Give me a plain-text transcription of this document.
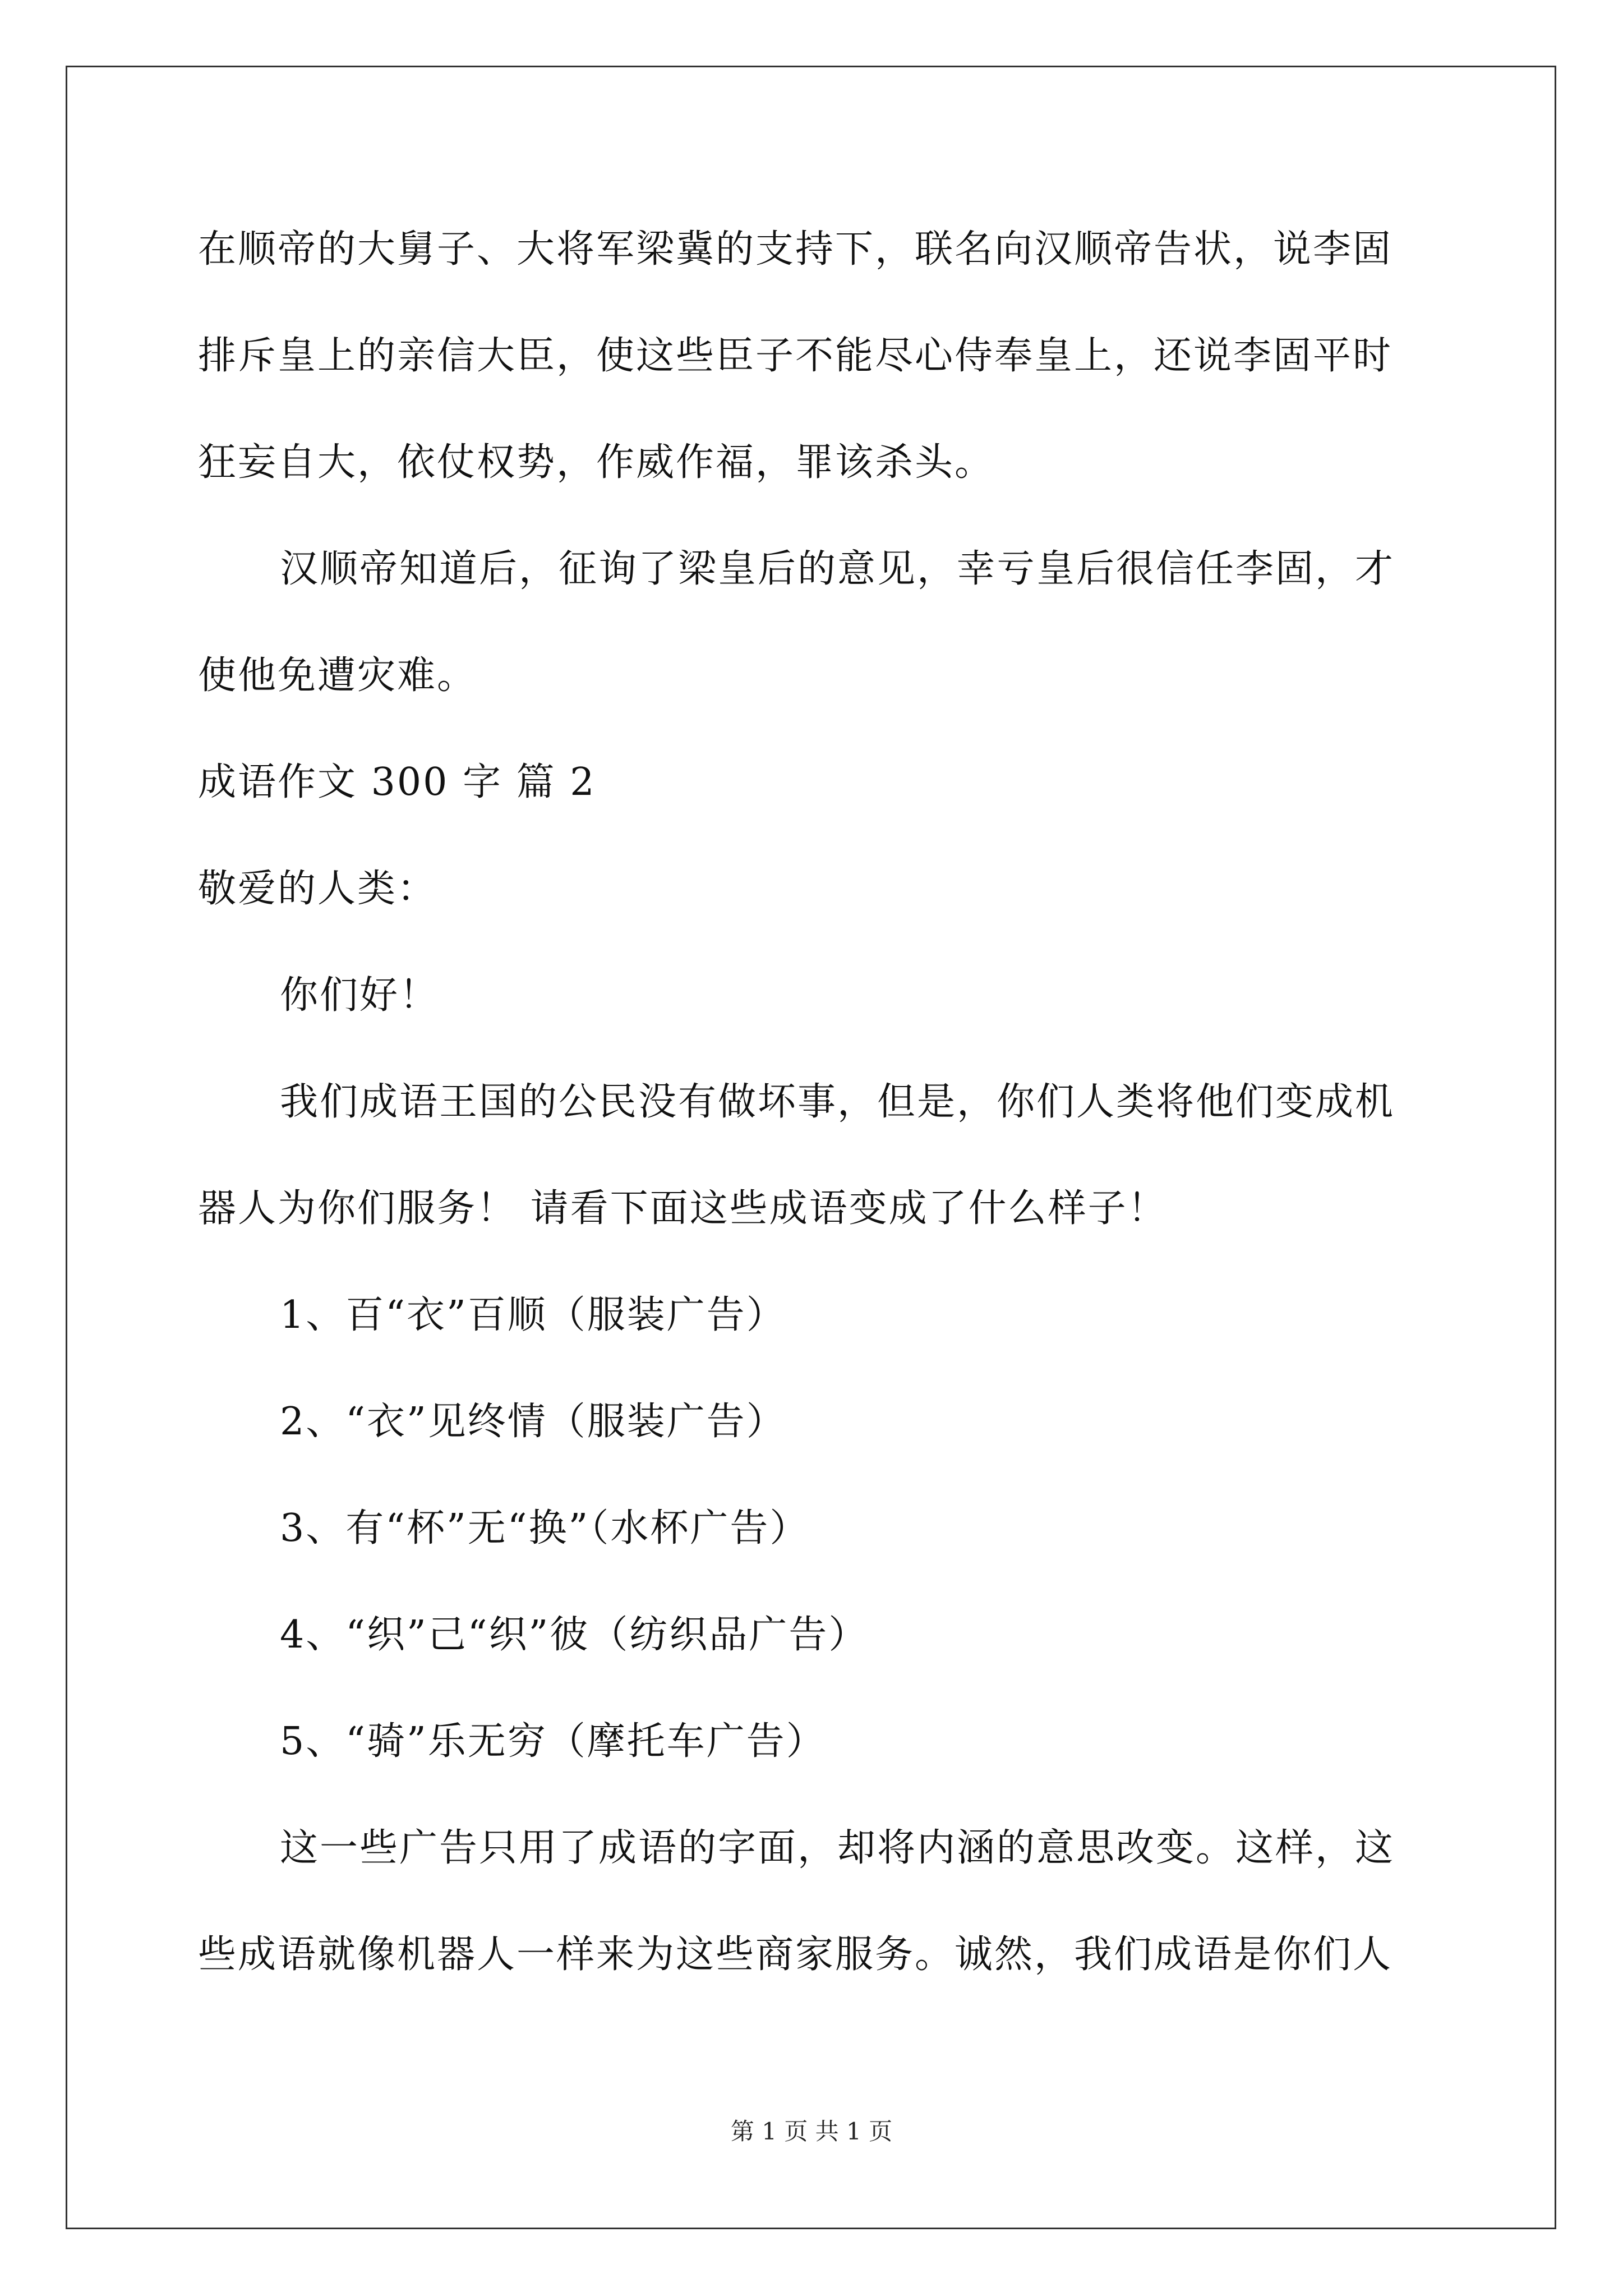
在顺帝的大舅子、大将军梁冀的支持下，联名向汉顺帝告状，说李固
排斥皇上的亲信大臣，使这些臣子不能尽心侍奉皇上，还说李固平时
狂妄自大，依仗权势，作威作福，罪该杀头。
汉顺帝知道后，征询了梁皇后的意见，幸亏皇后很信任李固，才
使他免遭灾难。
成语作文 300 字 篇 2
敬爱的人类：
你们好！
我们成语王国的公民没有做坏事，但是，你们人类将他们变成机
器人为你们服务！ 请看下面这些成语变成了什么样子！
1、百“衣”百顺（服装广告）
2、“衣”见终情（服装广告）
3、有“杯”无“换”（水杯广告）
4、“织”己“织”彼（纺织品广告）
5、“骑”乐无穷（摩托车广告）
这一些广告只用了成语的字面，却将内涵的意思改变。这样，这
些成语就像机器人一样来为这些商家服务。诚然，我们成语是你们人
第 1 页 共 1 页
